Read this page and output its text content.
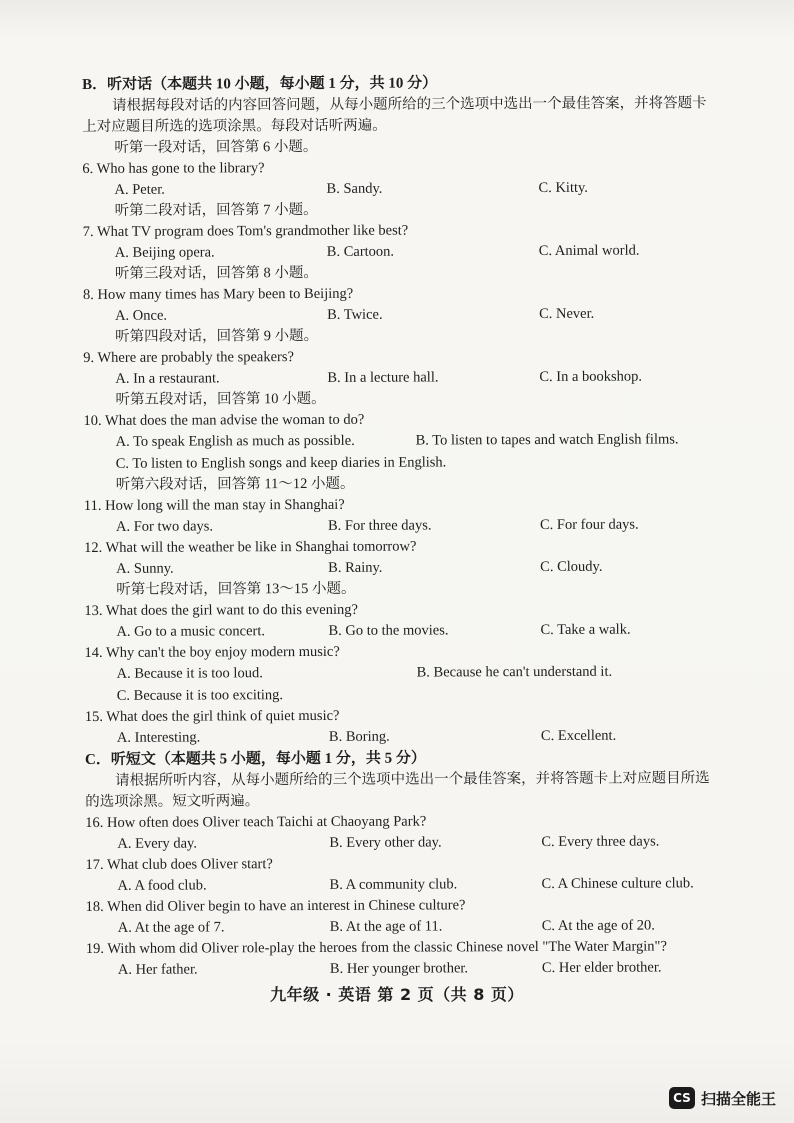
B．听对话（本题共 10 小题，每小题 1 分，共 10 分）
请根据每段对话的内容回答问题，从每小题所给的三个选项中选出一个最佳答案，并将答题卡上对应题目所选的选项涂黑。每段对话听两遍。
听第一段对话，回答第 6 小题。
6. Who has gone to the library?
A. Peter.	B. Sandy.	C. Kitty.
听第二段对话，回答第 7 小题。
7. What TV program does Tom's grandmother like best?
A. Beijing opera.	B. Cartoon.	C. Animal world.
听第三段对话，回答第 8 小题。
8. How many times has Mary been to Beijing?
A. Once.	B. Twice.	C. Never.
听第四段对话，回答第 9 小题。
9. Where are probably the speakers?
A. In a restaurant.	B. In a lecture hall.	C. In a bookshop.
听第五段对话，回答第 10 小题。
10. What does the man advise the woman to do?
A. To speak English as much as possible.	B. To listen to tapes and watch English films.
C. To listen to English songs and keep diaries in English.
听第六段对话，回答第 11～12 小题。
11. How long will the man stay in Shanghai?
A. For two days.	B. For three days.	C. For four days.
12. What will the weather be like in Shanghai tomorrow?
A. Sunny.	B. Rainy.	C. Cloudy.
听第七段对话，回答第 13～15 小题。
13. What does the girl want to do this evening?
A. Go to a music concert.	B. Go to the movies.	C. Take a walk.
14. Why can't the boy enjoy modern music?
A. Because it is too loud.	B. Because he can't understand it.
C. Because it is too exciting.
15. What does the girl think of quiet music?
A. Interesting.	B. Boring.	C. Excellent.
C．听短文（本题共 5 小题，每小题 1 分，共 5 分）
请根据所听内容，从每小题所给的三个选项中选出一个最佳答案，并将答题卡上对应题目所选的选项涂黑。短文听两遍。
16. How often does Oliver teach Taichi at Chaoyang Park?
A. Every day.	B. Every other day.	C. Every three days.
17. What club does Oliver start?
A. A food club.	B. A community club.	C. A Chinese culture club.
18. When did Oliver begin to have an interest in Chinese culture?
A. At the age of 7.	B. At the age of 11.	C. At the age of 20.
19. With whom did Oliver role-play the heroes from the classic Chinese novel "The Water Margin"?
A. Her father.	B. Her younger brother.	C. Her elder brother.
九年级 · 英语 第 2 页（共 8 页）
CS 扫描全能王
